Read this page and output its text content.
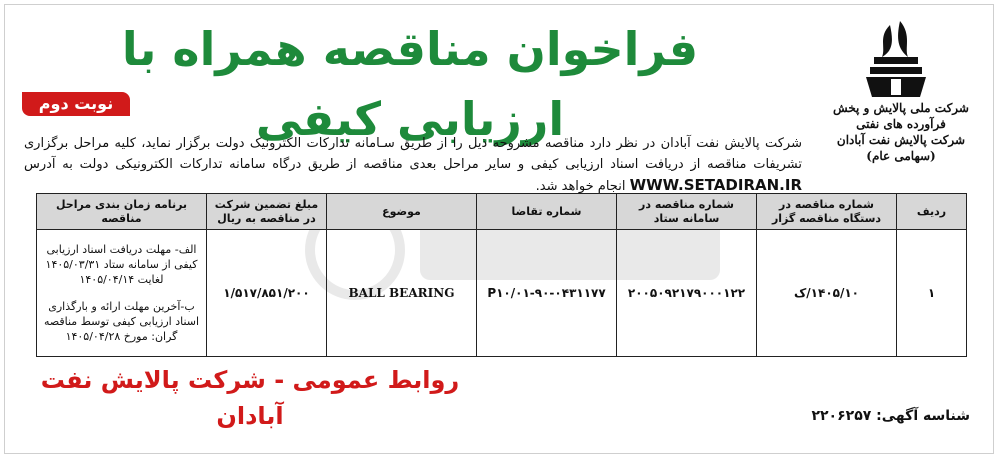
شرکت ملی پالایش و پخش فرآورده های نفتی
شرکت پالایش نفت آبادان (سهامی عام)
فراخوان مناقصه همراه با ارزیابی کیفی
نوبت دوم
شرکت پالایش نفت آبادان در نظر دارد مناقصه مشروحه ذیل را از طریق سـامانه تدارکات الکترونیک دولت برگزار نماید، کلیه مراحل برگزاری تشریفات مناقصه از دریافت اسناد ارزیابی کیفی و سایر مراحل بعدی مناقصه از طریق درگاه سامانه تدارکات الکترونیکی دولت به آدرس WWW.SETADIRAN.IR انجام خواهد شد.
ردیف	شماره مناقصه در دستگاه مناقصه گزار	شماره مناقصه در سامانه ستاد	شماره تقاضا	موضوع	مبلغ تضمین شرکت در مناقصه به ریال	برنامه زمان بندی مراحل مناقصه
۱	۱۴۰۵/۱۰/ک	۲۰۰۵۰۹۲۱۷۹۰۰۰۱۲۲	۰۱-۹۰-۰۴۳۱۱۷۷/P۱۰	BALL BEARING	۱/۵۱۷/۸۵۱/۲۰۰	الف- مهلت دریافت اسناد ارزیابی کیفی از سامانه ستاد ۱۴۰۵/۰۳/۳۱ لغایت ۱۴۰۵/۰۴/۱۴

ب-آخرین مهلت ارائه و بارگذاری اسناد ارزیابی کیفی توسط مناقصه گران: مورخ ۱۴۰۵/۰۴/۲۸

روابط عمومی - شرکت پالایش نفت آبادان	شناسه آگهی: ۲۲۰۶۲۵۷
